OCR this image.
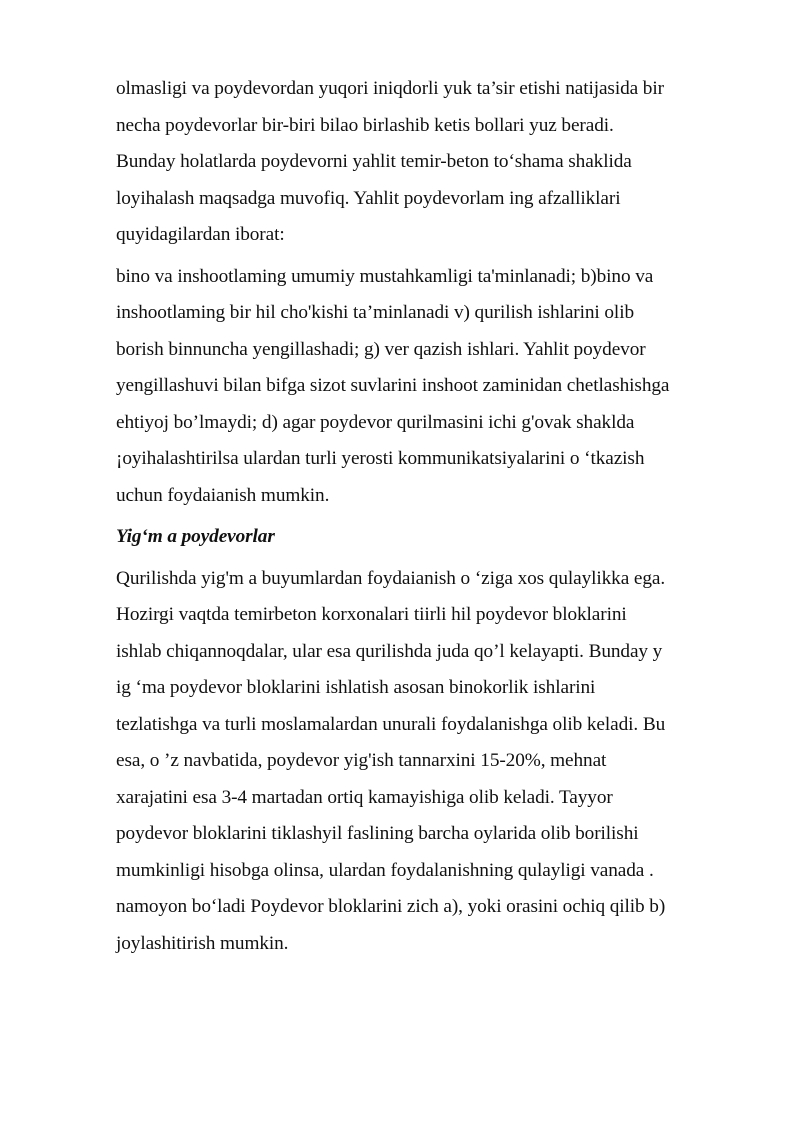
olmasligi va poydevordan yuqori iniqdorli yuk ta’sir etishi natijasida bir
necha poydevorlar bir-biri bilao birlashib ketis bollari yuz beradi.
Bunday holatlarda poydevorni yahlit temir-beton to‘shama shaklida
loyihalash maqsadga muvofiq. Yahlit poydevorlam ing afzalliklari
quyidagilardan iborat:
bino va inshootlaming umumiy mustahkamligi ta'minlanadi; b)bino va
inshootlaming bir hil cho'kishi ta’minlanadi v) qurilish ishlarini olib
borish binnuncha yengillashadi; g) ver qazish ishlari. Yahlit poydevor
yengillashuvi bilan bifga sizot suvlarini inshoot zaminidan chetlashishga
ehtiyoj bo’lmaydi; d) agar poydevor qurilmasini ichi g'ovak shaklda
¡oyihalashtirilsa ulardan turli yerosti kommunikatsiyalarini o ‘tkazish
uchun foydaianish mumkin.
Yig‘m a poydevorlar
Qurilishda yig'm a buyumlardan foydaianish o ‘ziga xos qulaylikka ega.
Hozirgi vaqtda temirbeton korxonalari tiirli hil poydevor bloklarini
ishlab chiqannoqdalar, ular esa qurilishda juda qo’l kelayapti. Bunday y
ig ‘ma poydevor bloklarini ishlatish asosan binokorlik ishlarini
tezlatishga va turli moslamalardan unurali foydalanishga olib keladi. Bu
esa, o ’z navbatida, poydevor yig'ish tannarxini 15-20%, mehnat
xarajatini esa 3-4 martadan ortiq kamayishiga olib keladi. Tayyor
poydevor bloklarini tiklashyil faslining barcha oylarida olib borilishi
mumkinligi hisobga olinsa, ulardan foydalanishning qulayligi vanada .
namoyon bo‘ladi Poydevor bloklarini zich a), yoki orasini ochiq qilib b)
joylashitirish mumkin.
